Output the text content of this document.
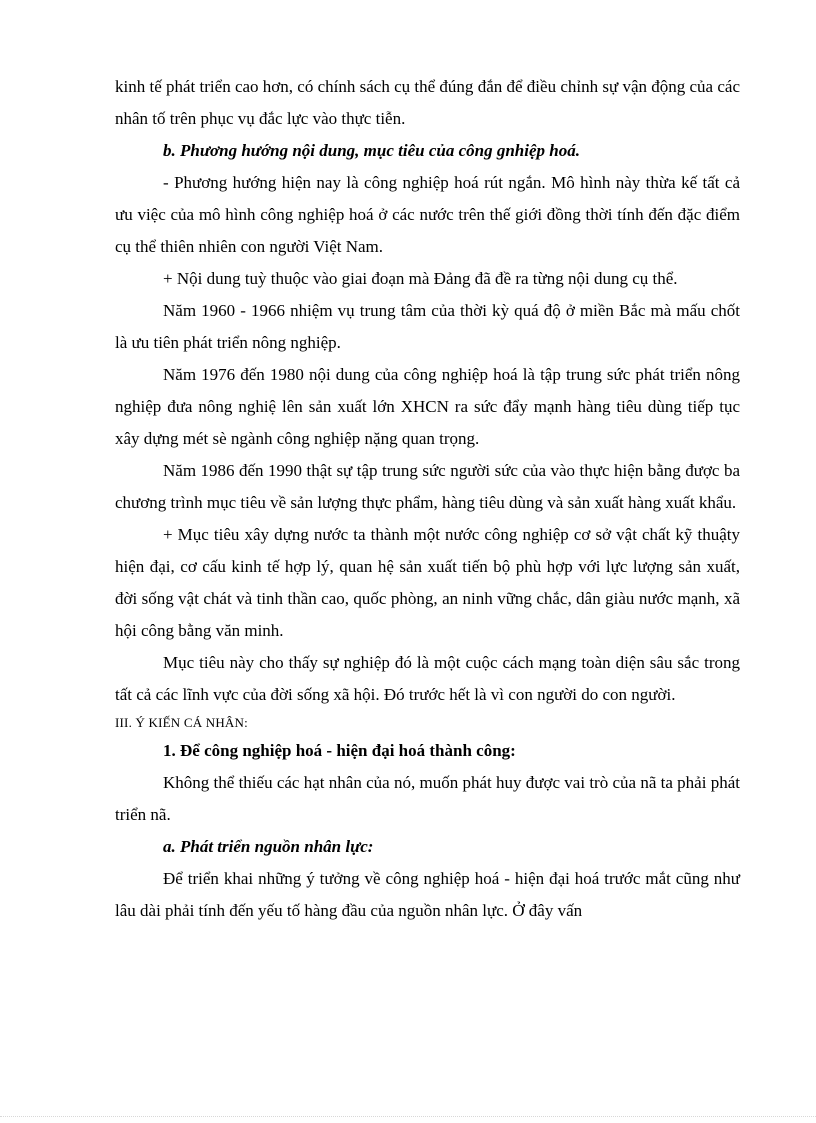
kinh tế phát triển cao hơn, có chính sách cụ thể đúng đắn để điều chỉnh sự vận động của các nhân tố trên phục vụ đắc lực vào thực tiễn.

b. Phương hướng nội dung, mục tiêu của công gnhiệp hoá.

- Phương hướng hiện nay là công nghiệp hoá rút ngắn. Mô hình này thừa kế tất cả ưu việc của mô hình công nghiệp hoá ở các nước trên thế giới đồng thời tính đến đặc điểm cụ thể thiên nhiên con người Việt Nam.

+ Nội dung tuỳ thuộc vào giai đoạn mà Đảng đã đề ra từng nội dung cụ thể.

Năm 1960 - 1966 nhiệm vụ trung tâm của thời kỳ quá độ ở miền Bắc mà mấu chốt là ưu tiên phát triển nông nghiệp.

Năm 1976 đến 1980 nội dung của công nghiệp hoá là tập trung sức phát triển nông nghiệp đưa nông nghiệ lên sản xuất lớn XHCN ra sức đẩy mạnh hàng tiêu dùng tiếp tục xây dựng mét sè ngành công nghiệp nặng quan trọng.

Năm 1986 đến 1990 thật sự tập trung sức người sức của vào thực hiện bằng được ba chương trình mục tiêu về sản lượng thực phẩm, hàng tiêu dùng và sản xuất hàng xuất khẩu.

+ Mục tiêu xây dựng nước ta thành một nước công nghiệp cơ sở vật chất kỹ thuậty hiện đại, cơ cấu kinh tế hợp lý, quan hệ sản xuất tiến bộ phù hợp với lực lượng sản xuất, đời sống vật chát và tinh thần cao, quốc phòng, an ninh vững chắc, dân giàu nước mạnh, xã hội công bằng văn minh.

Mục tiêu này cho thấy sự nghiệp đó là một cuộc cách mạng toàn diện sâu sắc trong tất cả các lĩnh vực của đời sống xã hội. Đó trước hết là vì con người do con người.

III. Ý KIẾN CÁ NHÂN:

1. Để công nghiệp hoá - hiện đại hoá thành công:

Không thể thiếu các hạt nhân của nó, muốn phát huy được vai trò của nã ta phải phát triển nã.

a. Phát triển nguồn nhân lực:

Để triển khai những ý tưởng về công nghiệp hoá - hiện đại hoá trước mắt cũng như lâu dài phải tính đến yếu tố hàng đầu của nguồn nhân lực. Ở đây vấn
